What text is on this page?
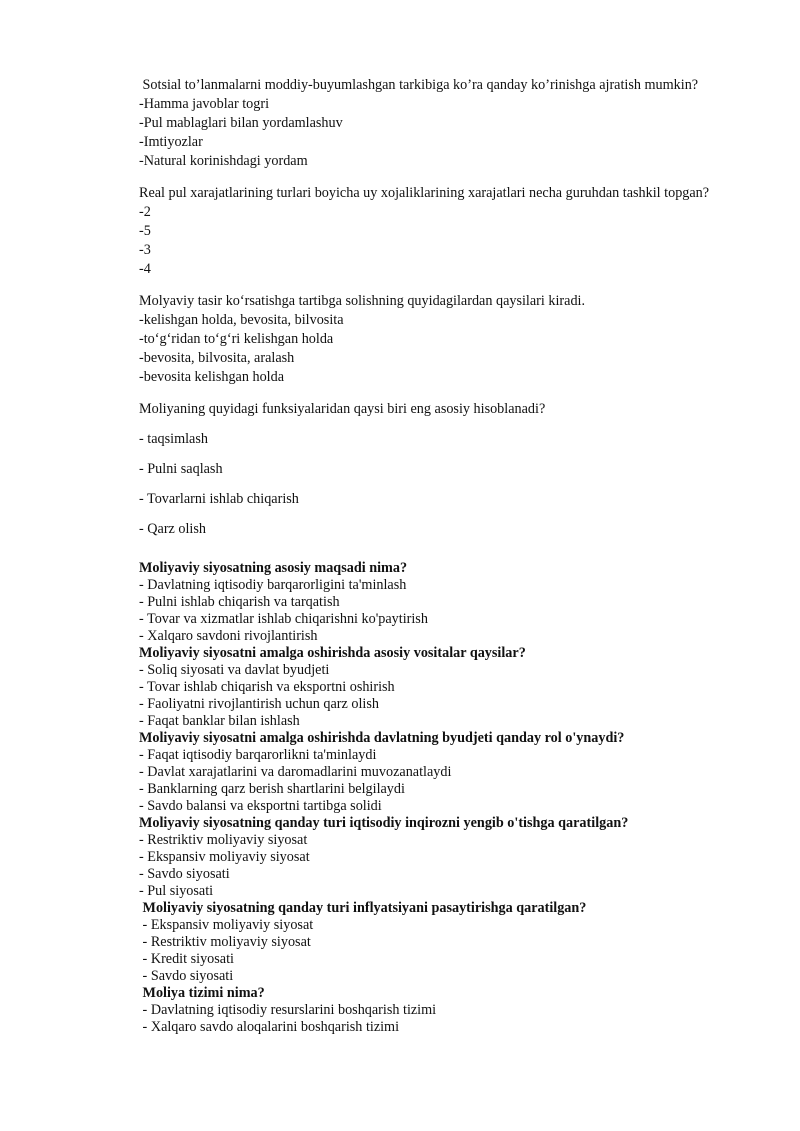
Sotsial to’lanmalarni moddiy-buyumlashgan tarkibiga ko’ra qanday ko’rinishga ajratish mumkin?
-Hamma javoblar togri
-Pul mablaglari bilan yordamlashuv
-Imtiyozlar
-Natural korinishdagi yordam
Real pul xarajatlarining turlari boyicha uy xojaliklarining xarajatlari necha guruhdan tashkil topgan?
-2
-5
-3
-4
Molyaviy tasir ko‘rsatishga tartibga solishning quyidagilardan qaysilari kiradi.
-kelishgan holda, bevosita, bilvosita
-to‘g‘ridan to‘g‘ri kelishgan holda
-bevosita, bilvosita, aralash
-bevosita kelishgan holda
Moliyaning quyidagi funksiyalaridan qaysi biri eng asosiy hisoblanadi?
- taqsimlash
- Pulni saqlash
- Tovarlarni ishlab chiqarish
- Qarz olish
Moliyaviy siyosatning asosiy maqsadi nima?
- Davlatning iqtisodiy barqarorligini ta'minlash
- Pulni ishlab chiqarish va tarqatish
- Tovar va xizmatlar ishlab chiqarishni ko'paytirish
- Xalqaro savdoni rivojlantirish
Moliyaviy siyosatni amalga oshirishda asosiy vositalar qaysilar?
- Soliq siyosati va davlat byudjeti
- Tovar ishlab chiqarish va eksportni oshirish
- Faoliyatni rivojlantirish uchun qarz olish
- Faqat banklar bilan ishlash
Moliyaviy siyosatni amalga oshirishda davlatning byudjeti qanday rol o'ynaydi?
- Faqat iqtisodiy barqarorlikni ta'minlaydi
- Davlat xarajatlarini va daromadlarini muvozanatlaydi
- Banklarning qarz berish shartlarini belgilaydi
- Savdo balansi va eksportni tartibga solidi
Moliyaviy siyosatning qanday turi iqtisodiy inqirozni yengib o'tishga qaratilgan?
- Restriktiv moliyaviy siyosat
- Ekspansiv moliyaviy siyosat
- Savdo siyosati
- Pul siyosati
Moliyaviy siyosatning qanday turi inflyatsiyani pasaytirishga qaratilgan?
- Ekspansiv moliyaviy siyosat
- Restriktiv moliyaviy siyosat
- Kredit siyosati
- Savdo siyosati
Moliya tizimi nima?
- Davlatning iqtisodiy resurslarini boshqarish tizimi
- Xalqaro savdo aloqalarini boshqarish tizimi
